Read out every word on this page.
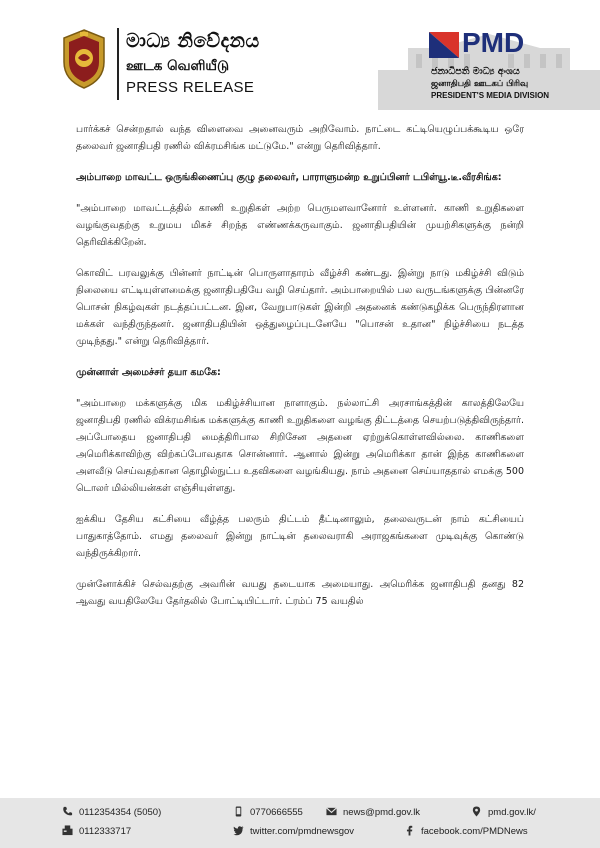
මාධ්‍ය නිවේදනය
ஊடக வெளியீடு
PRESS RELEASE
PMD
ජනාධිපති මාධ්‍ය අංශය
ஜனாதிபதி ஊடகப் பிரிவு
PRESIDENT'S MEDIA DIVISION

பார்க்கச் சென்றதால் வந்த விளைவை அனைவரும் அறிவோம். நாட்டை கட்டியெழுப்பக்கூடிய ஒரே தலைவர் ஜனாதிபதி ரணில் விக்ரமசிங்க மட்டுமே." என்று தெரிவித்தார்.

அம்பாறை மாவட்ட ஒருங்கிணைப்பு குழு தலைவர், பாராளுமன்ற உறுப்பினர் டபிள்யூ.டீ.வீரசிங்க:

"அம்பாறை மாவட்டத்தில் காணி உறுதிகள் அற்ற பெருமளவானோர் உள்ளனர். காணி உறுதிகளை வழங்குவதற்கு உறுமய மிகச் சிறந்த எண்ணக்கருவாகும். ஜனாதிபதியின் முயற்சிகளுக்கு நன்றி தெரிவிக்கிறேன்.

கொவிட் பரவலுக்கு பின்னர் நாட்டின் பொருளாதாரம் வீழ்ச்சி கண்டது. இன்று நாடு மகிழ்ச்சி விடும் நிலையை எட்டியுள்ளமைக்கு ஜனாதிபதியே வழி செய்தார். அம்பாறையில் பல வருடங்களுக்கு பின்னரே பொசன் நிகழ்வுகள் நடத்தப்பட்டன. இன, வேறுபாடுகள் இன்றி அதனைக் கண்டுகழிக்க பெருந்திரளான மக்கள் வந்திருந்தனர். ஜனாதிபதியின் ஒத்துழைப்புடனேயே "பொசன் உதான" நிழ்ச்சியை நடத்த முடிந்தது." என்று தெரிவித்தார்.

முன்னாள் அமைச்சர் தயா கமகே:

"அம்பாறை மக்களுக்கு மிக மகிழ்ச்சியான நாளாகும். நல்லாட்சி அரசாங்கத்தின் காலத்திலேயே ஜனாதிபதி ரணில் விக்ரமசிங்க மக்களுக்கு காணி உறுதிகளை வழங்கு திட்டத்தை செயற்படுத்திவிருந்தார். அப்போதைய ஜனாதிபதி மைத்திரிபால சிறிசேன அதனை ஏற்றுக்கொள்ளவில்லை. காணிகளை அமெரிக்காவிற்கு விற்கப்போவதாக சொன்னார். ஆனால் இன்று அமெரிக்கா தான் இந்த காணிகளை அளவீடு செய்வதற்கான தொழில்நுட்ப உதவிகளை வழங்கியது. நாம் அதனை செய்யாததால் எமக்கு 500 டொலர் மில்லியன்கள் எஞ்சியுள்ளது.

ஐக்கிய தேசிய கட்சியை வீழ்த்த பலரும் திட்டம் தீட்டினாலும், தலைவருடன் நாம் கட்சியைப் பாதுகாத்தோம். எமது தலைவர் இன்று நாட்டின் தலைவராகி அராஜகங்களை முடிவுக்கு கொண்டு வந்திருக்கிறார்.

முன்னோக்கிச் செல்வதற்கு அவரின் வயது தடையாக அமையாது. அமெரிக்க ஜனாதிபதி தனது 82 ஆவது வயதிலேயே தேர்தலில் போட்டியிட்டார். ட்ரம்ப் 75 வயதில்

0112354354 (5050)	0770666555	news@pmd.gov.lk	pmd.gov.lk/
0112333717	twitter.com/pmdnewsgov	facebook.com/PMDNews
